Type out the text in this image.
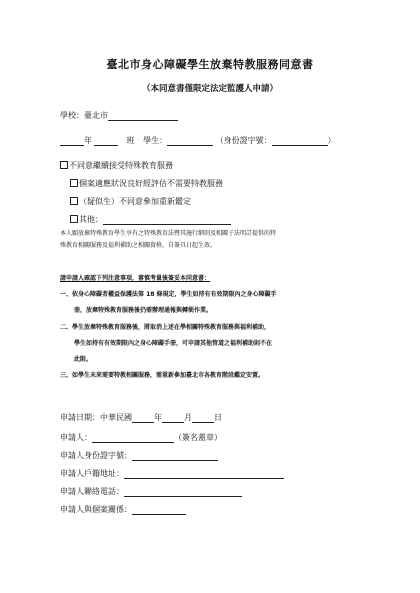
臺北市身心障礙學生放棄特教服務同意書
（本同意書僅限定法定監護人申請）
學校：臺北市
年	班 學生：	（身份證字號：	）
不同意繼續接受特殊教育服務
個案適應狀況良好經評估不需要特教服務
（疑似生）不同意參加重新鑑定
其他：
本人願放棄特殊教育學生享有之特殊教育法暨其施行細則及相關子法明訂提供的特
殊教育相關服務及福利補助之相關資格，自簽具日起生效。
請申請人確認下列注意事項，審慎考量後簽妥本同意書：
一、依身心障礙者權益保護法第 18 條規定，學生如持有有效期限內之身心障礙手
冊，放棄特殊教育服務後仍需辦理通報與轉銜作業。
二、學生放棄特殊教育服務後，將取消上述在學相關特殊教育服務與福利補助，
學生如持有有效期限內之身心障礙手冊，可申請其他管道之福利補助則不在
此限。
三、如學生未來需要特教相關服務，需重新參加臺北市各教育階段鑑定安置。
申請日期：中華民國	年	月	日
申請人：	（簽名蓋章）
申請人身份證字號：
申請人戶籍地址：
申請人聯絡電話：
申請人與個案關係：
